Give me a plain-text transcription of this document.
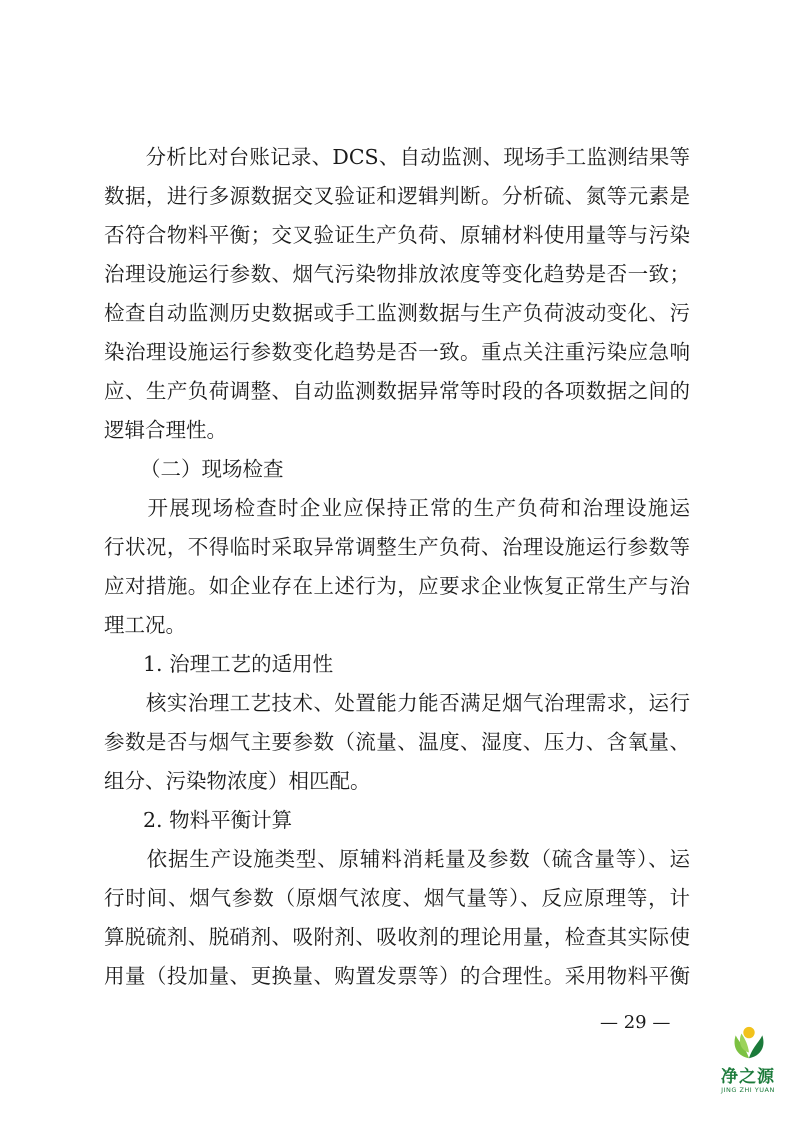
　　分析比对台账记录、DCS、自动监测、现场手工监测结果等
数据，进行多源数据交叉验证和逻辑判断。分析硫、氮等元素是
否符合物料平衡；交叉验证生产负荷、原辅材料使用量等与污染
治理设施运行参数、烟气污染物排放浓度等变化趋势是否一致；
检查自动监测历史数据或手工监测数据与生产负荷波动变化、污
染治理设施运行参数变化趋势是否一致。重点关注重污染应急响
应、生产负荷调整、自动监测数据异常等时段的各项数据之间的
逻辑合理性。
（二）现场检查
　　开展现场检查时企业应保持正常的生产负荷和治理设施运
行状况，不得临时采取异常调整生产负荷、治理设施运行参数等
应对措施。如企业存在上述行为，应要求企业恢复正常生产与治
理工况。
1. 治理工艺的适用性
　　核实治理工艺技术、处置能力能否满足烟气治理需求，运行
参数是否与烟气主要参数（流量、温度、湿度、压力、含氧量、
组分、污染物浓度）相匹配。
2. 物料平衡计算
　　依据生产设施类型、原辅料消耗量及参数（硫含量等）、运
行时间、烟气参数（原烟气浓度、烟气量等）、反应原理等，计
算脱硫剂、脱硝剂、吸附剂、吸收剂的理论用量，检查其实际使
用量（投加量、更换量、购置发票等）的合理性。采用物料平衡
— 29 —
净之源
JING ZHI YUAN
